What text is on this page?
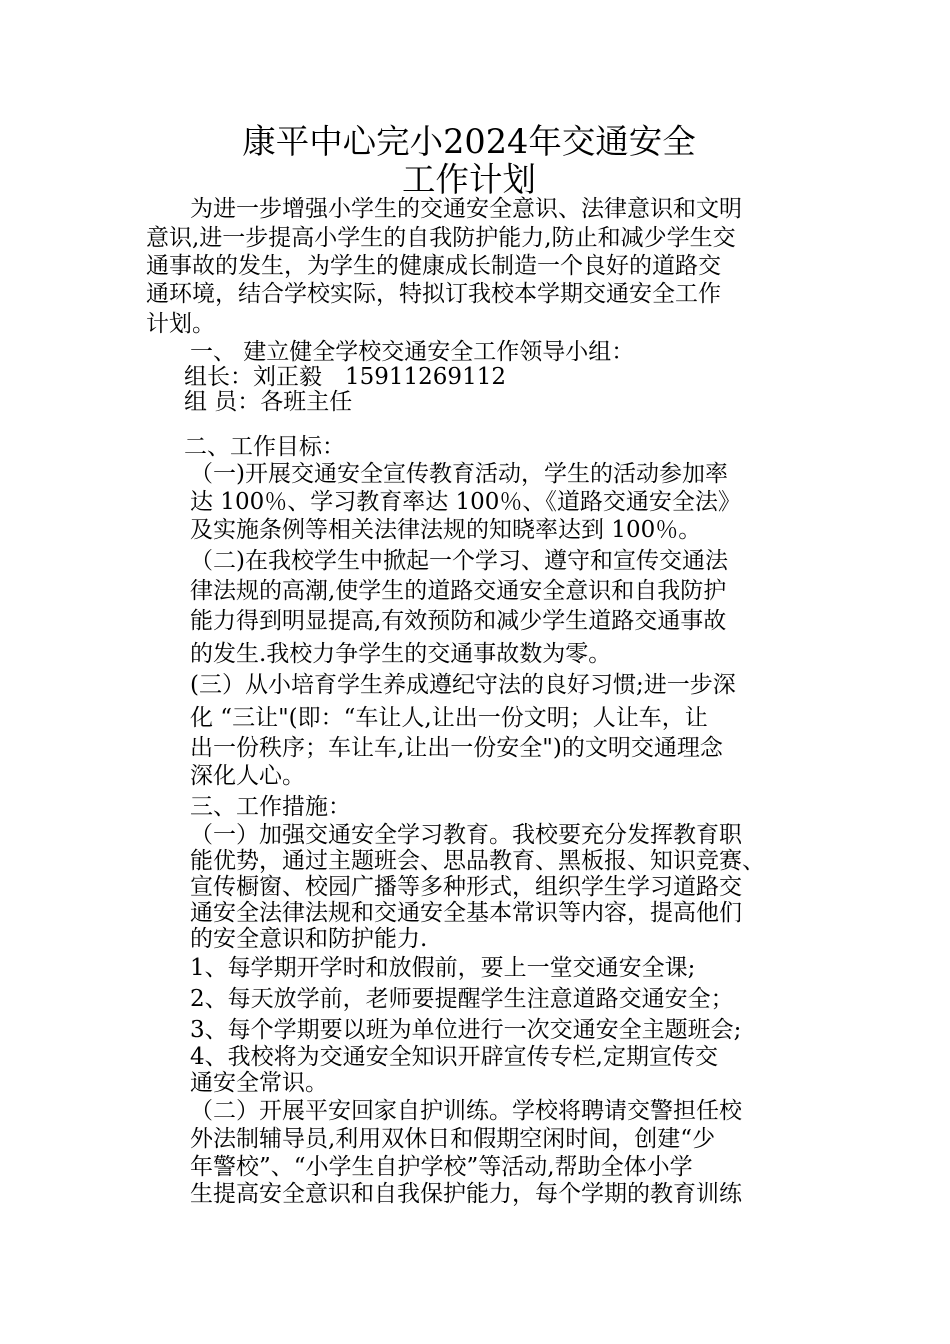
康平中心完小2024年交通安全
工作计划
为进一步增强小学生的交通安全意识、法律意识和文明
意识,进一步提高小学生的自我防护能力,防止和减少学生交
通事故的发生，为学生的健康成长制造一个良好的道路交
通环境，结合学校实际，特拟订我校本学期交通安全工作
计划。
一、 建立健全学校交通安全工作领导小组：
组长：刘正毅　15911269112
组 员：各班主任
二、工作目标：
（一)开展交通安全宣传教育活动，学生的活动参加率
达 100％、学习教育率达 100％、《道路交通安全法》
及实施条例等相关法律法规的知晓率达到 100％。
（二)在我校学生中掀起一个学习、遵守和宣传交通法
律法规的高潮,使学生的道路交通安全意识和自我防护
能力得到明显提高,有效预防和减少学生道路交通事故
的发生.我校力争学生的交通事故数为零。
(三）从小培育学生养成遵纪守法的良好习惯;进一步深
化 “三让"(即：“车让人,让出一份文明；人让车，让
出一份秩序；车让车,让出一份安全")的文明交通理念
深化人心。
三、工作措施：
（一）加强交通安全学习教育。我校要充分发挥教育职
能优势，通过主题班会、思品教育、黑板报、知识竞赛、
宣传橱窗、校园广播等多种形式，组织学生学习道路交
通安全法律法规和交通安全基本常识等内容，提高他们
的安全意识和防护能力.
1、每学期开学时和放假前，要上一堂交通安全课;
2、每天放学前，老师要提醒学生注意道路交通安全；
3、每个学期要以班为单位进行一次交通安全主题班会;
4、我校将为交通安全知识开辟宣传专栏,定期宣传交
通安全常识。
（二）开展平安回家自护训练。学校将聘请交警担任校
外法制辅导员,利用双休日和假期空闲时间，创建“少
年警校”、“小学生自护学校”等活动,帮助全体小学
生提高安全意识和自我保护能力，每个学期的教育训练
